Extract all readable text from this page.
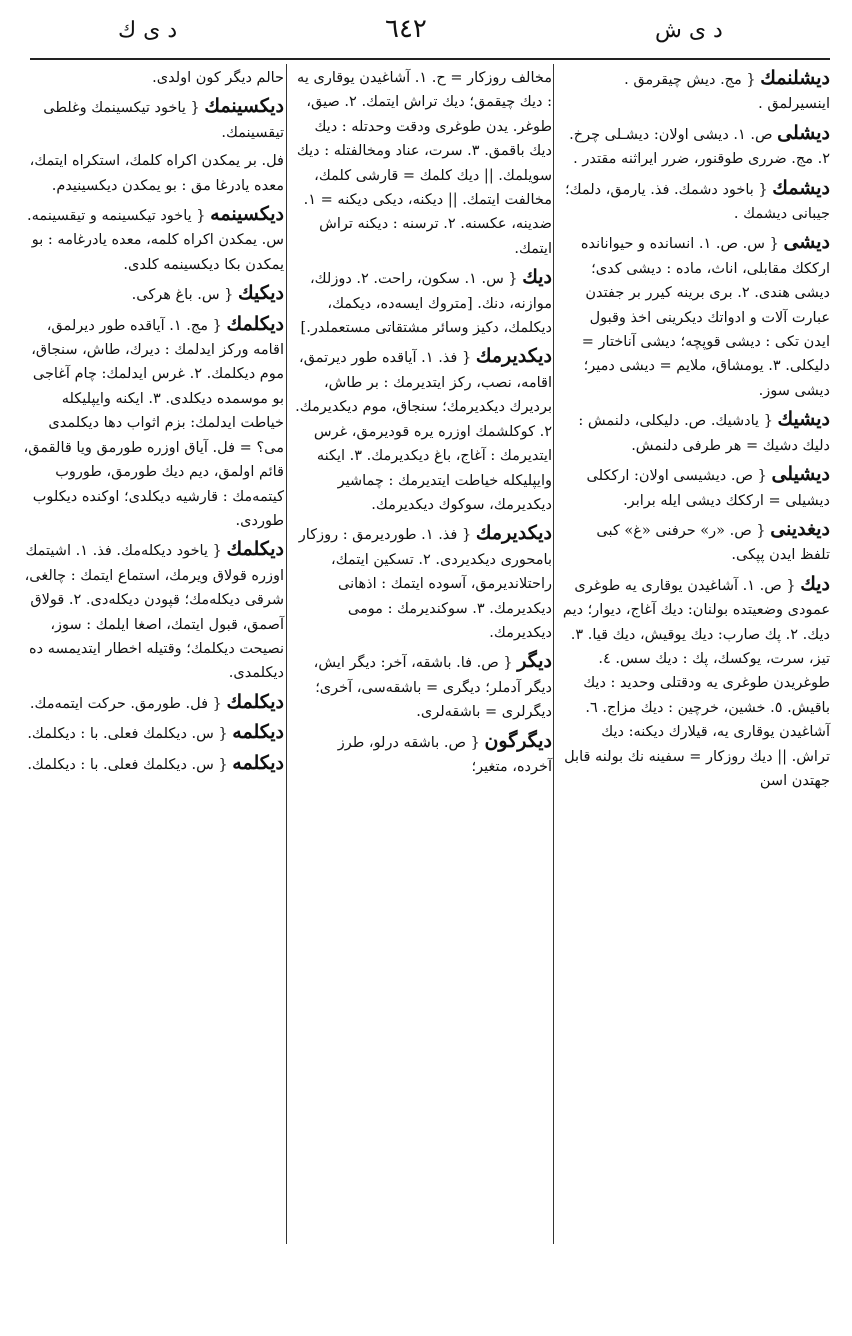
د ی ك	٦٤٢	د ی ش
دیشلنمك { مج. دیش چیقرمق . اینسیرلمق .
دیشلی ص. ١. دیشی اولان: دیشـلی چرخ. ٢. مج. ضرری طوقنور، ضرر ایراثنه مقتدر .
دیشمك { باخود دشمك. فذ. یارمق، دلمك؛ جیبانی دیشمك .
دیشی { س. ص. ١. انسانده و حیوانانده ارککك مقابلی، اناث، ماده : دیشی کدی؛ دیشی هندی. ٢. بری برینه کیرر بر جفتدن عبارت آلات و ادواتك دیکرینی اخذ وقبول ایدن تکی : دیشی قوپچه؛ دیشی آناختار = دلیکلی. ٣. یومشاق، ملایم = دیشی دمیر؛ دیشی سوز.
دیشیك { یادشیك. ص. دلیکلی، دلنمش : دلیك دشیك = هر طرفی دلنمش.
دیشیلی { ص. دیشیسی اولان: ارککلی دیشیلی = ارککك دیشی ایله برابر.
دیغدینی { ص. «ر» حرفنی «غ» کبی تلفظ ایدن پپکی.
دیك { ص. ١. آشاغیدن یوقاری یه طوغری عمودی وضعیتده بولنان: دیك آغاج، دیوار؛ دیم دیك. ٢. پك صارب: دیك یوقیش، دیك قیا. ٣. تیز، سرت، یوکسك، پك : دیك سس. ٤. طوغریدن طوغری یه ودقتلی وحدید : دیك باقیش. ٥. خشین، خرچین : دیك مزاج. ٦. آشاغیدن یوقاری یه، قیلارك دیکنه: دیك تراش. || دیك روزکار = سفینه نك بولنه قابل جهتدن اسن
مخالف روزکار = ح. ١. آشاغیدن یوقاری یه : دیك چیقمق؛ دیك تراش ایتمك. ٢. صیق، طوغر. یدن طوغری ودقت وحدتله : دیك دیك باقمق. ٣. سرت، عناد ومخالفتله : دیك سویلمك. || دیك کلمك = قارشی کلمك، مخالفت ایتمك. || دیکنه، دیکی دیکنه = ١. ضدینه، عکسنه. ٢. ترسنه : دیکنه تراش ایتمك.
دیك { س. ١. سکون، راحت. ٢. دوزلك، موازنه، دنك. [متروك ایسه‌ده، دیکمك، دیکلمك، دکیز وسائر مشتقاتی مستعملدر.]
دیکدیرمك { فذ. ١. آیاقده طور دیرتمق، اقامه، نصب، رکز ایتدیرمك : بر طاش، بردیرك دیکدیرمك؛ سنجاق، موم دیکدیرمك. ٢. کوکلشمك اوزره یره قودیرمق، غرس ایتدیرمك : آغاج، باغ دیکدیرمك. ٣. ایکنه وایپلیکله خیاطت ایتدیرمك : چماشیر دیکدیرمك، سوکوك دیکدیرمك.
دیکدیرمك { فذ. ١. طوردیرمق : روزکار بامحوری دیکدیردی. ٢. تسکین ایتمك، راحتلاندیرمق، آسوده ایتمك : اذهانی دیکدیرمك. ٣. سوکندیرمك : مومی دیکدیرمك.
دیگر { ص. فا. باشقه، آخر: دیگر ایش، دیگر آدملر؛ دیگری = باشقه‌سی، آخری؛ دیگرلری = باشقه‌لری.
دیگرگون { ص. باشقه درلو، طرز آخرده، متغیر؛
حالم دیگر کون اولدی.
دیکسینمك { یاخود تیکسینمك وغلطی تیقسینمك.
فل. بر یمکدن اکراه کلمك، استکراه ایتمك، معده یادرغا مق : بو یمکدن دیکسینیدم.
دیکسینمه { یاخود تیکسینمه و تیقسینمه. س. یمکدن اکراه کلمه، معده یادرغامه : بو یمکدن بکا دیکسینمه کلدی.
دیکیك { س. باغ هرکی.
دیکلمك { مج. ١. آیاقده طور دیرلمق، اقامه ورکز ایدلمك : دیرك، طاش، سنجاق، موم دیکلمك. ٢. غرس ایدلمك: چام آغاجی بو موسمده دیکلدی. ٣. ایکنه وایپلیکله خیاطت ایدلمك: بزم اثواب دها دیکلمدی می؟ = فل. آیاق اوزره طورمق ویا قالقمق، قائم اولمق، دیم دیك طورمق، طوروب کیتمه‌مك : قارشیه دیکلدی؛ اوکنده دیکلوب طوردی.
دیکلمك { یاخود دیکله‌مك. فذ. ١. اشیتمك اوزره قولاق ویرمك، استماع ایتمك : چالغی، شرقی دیکله‌مك؛ قپودن دیکله‌دی. ٢. قولاق آصمق، قبول ایتمك، اصغا ایلمك : سوز، نصیحت دیکلمك؛ وقتیله اخطار ایتدیمسه ده دیکلمدی.
دیکلمك { فل. طورمق. حرکت ایتمه‌مك.
دیکلمه { س. دیکلمك فعلی. با : دیکلمك.
دیکلمه { س. دیکلمك فعلی. با : دیکلمك.
